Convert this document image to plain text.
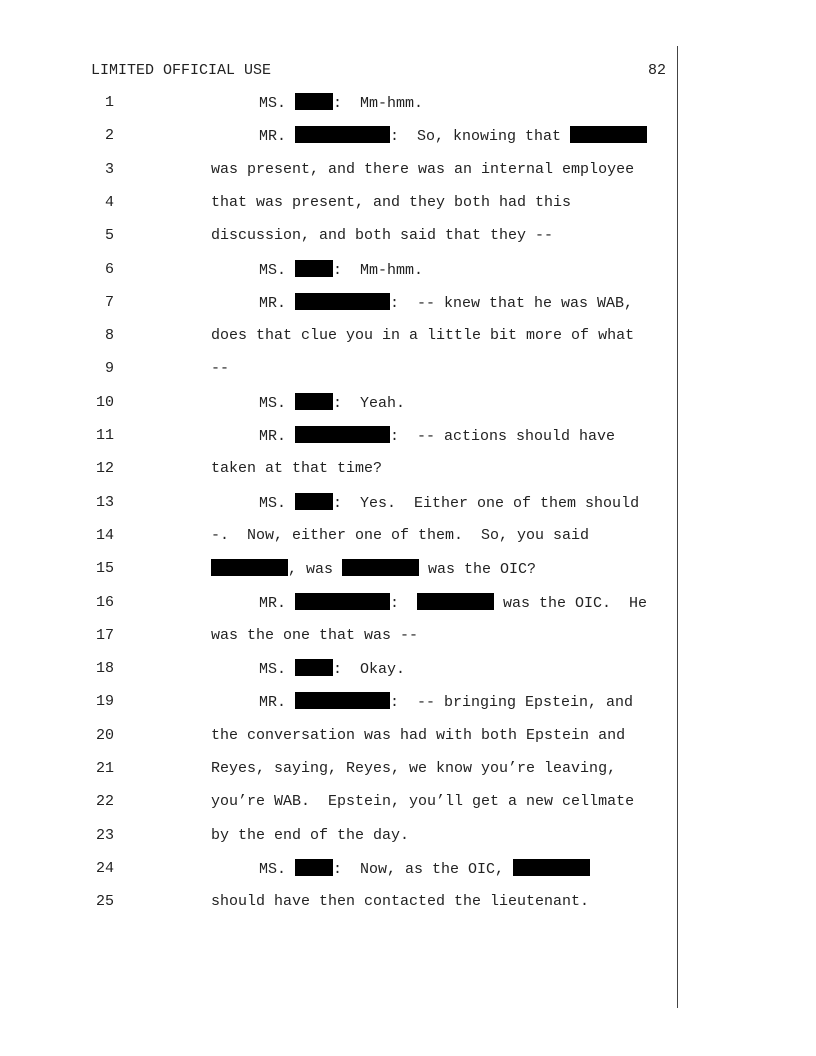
LIMITED OFFICIAL USE	82
1	MS.	:  Mm-hmm.
2	MR.	:  So, knowing that
3	was present, and there was an internal employee
4	that was present, and they both had this
5	discussion, and both said that they --
6	MS.	:  Mm-hmm.
7	MR.	:  -- knew that he was WAB,
8	does that clue you in a little bit more of what
9	--
10	MS.	:  Yeah.
11	MR.	:  -- actions should have
12	taken at that time?
13	MS.	:  Yes.  Either one of them should
14	-.  Now, either one of them.  So, you said
15	, was	was the OIC?
16	MR.	:	was the OIC.  He
17	was the one that was --
18	MS.	:  Okay.
19	MR.	:  -- bringing Epstein, and
20	the conversation was had with both Epstein and
21	Reyes, saying, Reyes, we know you’re leaving,
22	you’re WAB.  Epstein, you’ll get a new cellmate
23	by the end of the day.
24	MS.	:  Now, as the OIC,
25	should have then contacted the lieutenant.
